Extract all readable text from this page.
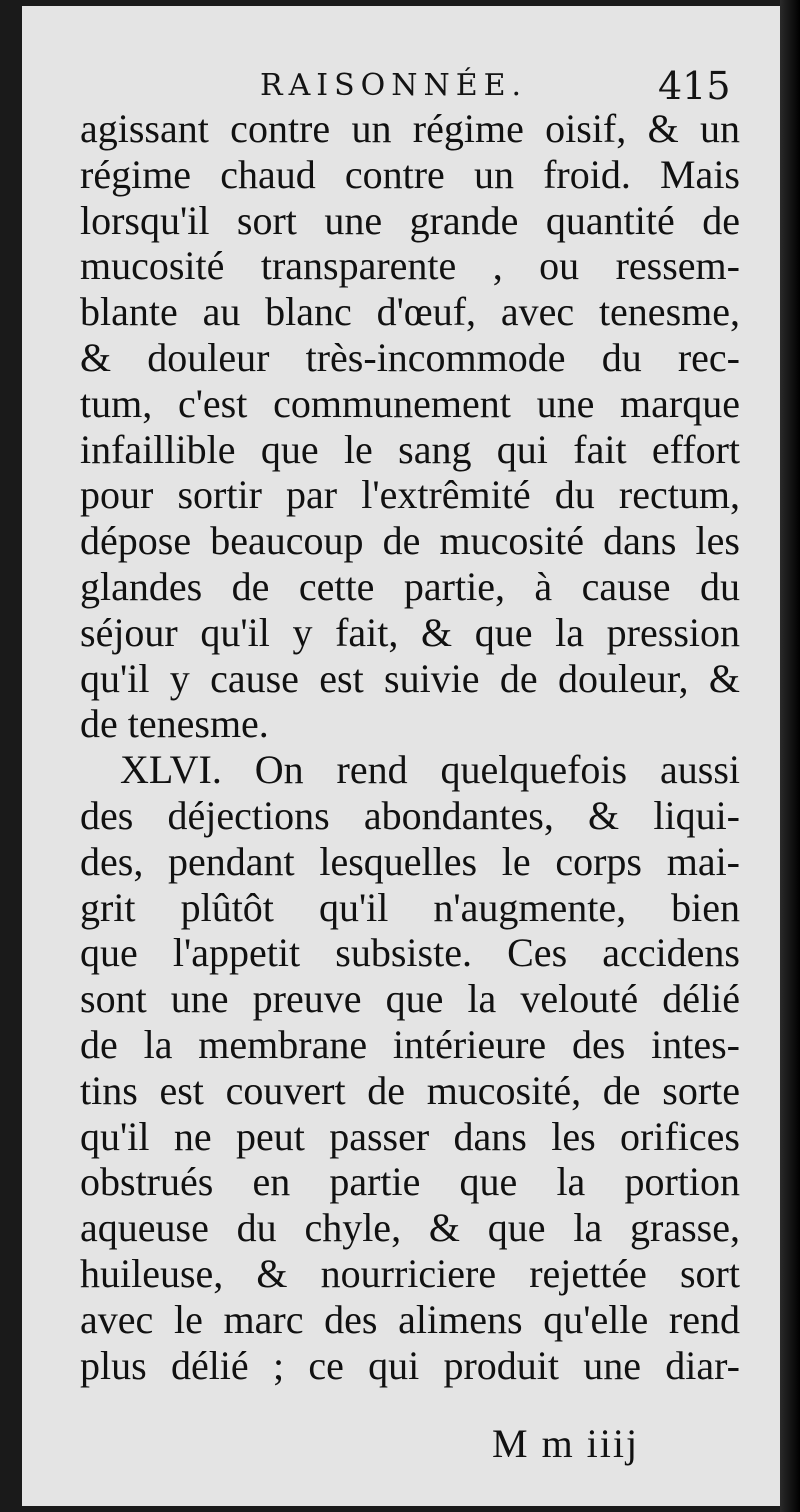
RAISONNÉE.	415
agissant contre un régime oisif, & un
régime chaud contre un froid. Mais
lorsqu'il sort une grande quantité de
mucosité transparente , ou ressem-
blante au blanc d'œuf, avec tenesme,
& douleur très-incommode du rec-
tum, c'est communement une marque
infaillible que le sang qui fait effort
pour sortir par l'extrêmité du rectum,
dépose beaucoup de mucosité dans les
glandes de cette partie, à cause du
séjour qu'il y fait, & que la pression
qu'il y cause est suivie de douleur, &
de tenesme.
XLVI. On rend quelquefois aussi
des déjections abondantes, & liqui-
des, pendant lesquelles le corps mai-
grit plûtôt qu'il n'augmente, bien
que l'appetit subsiste. Ces accidens
sont une preuve que la velouté délié
de la membrane intérieure des intes-
tins est couvert de mucosité, de sorte
qu'il ne peut passer dans les orifices
obstrués en partie que la portion
aqueuse du chyle, & que la grasse,
huileuse, & nourriciere rejettée sort
avec le marc des alimens qu'elle rend
plus délié ; ce qui produit une diar-
M m iiij
